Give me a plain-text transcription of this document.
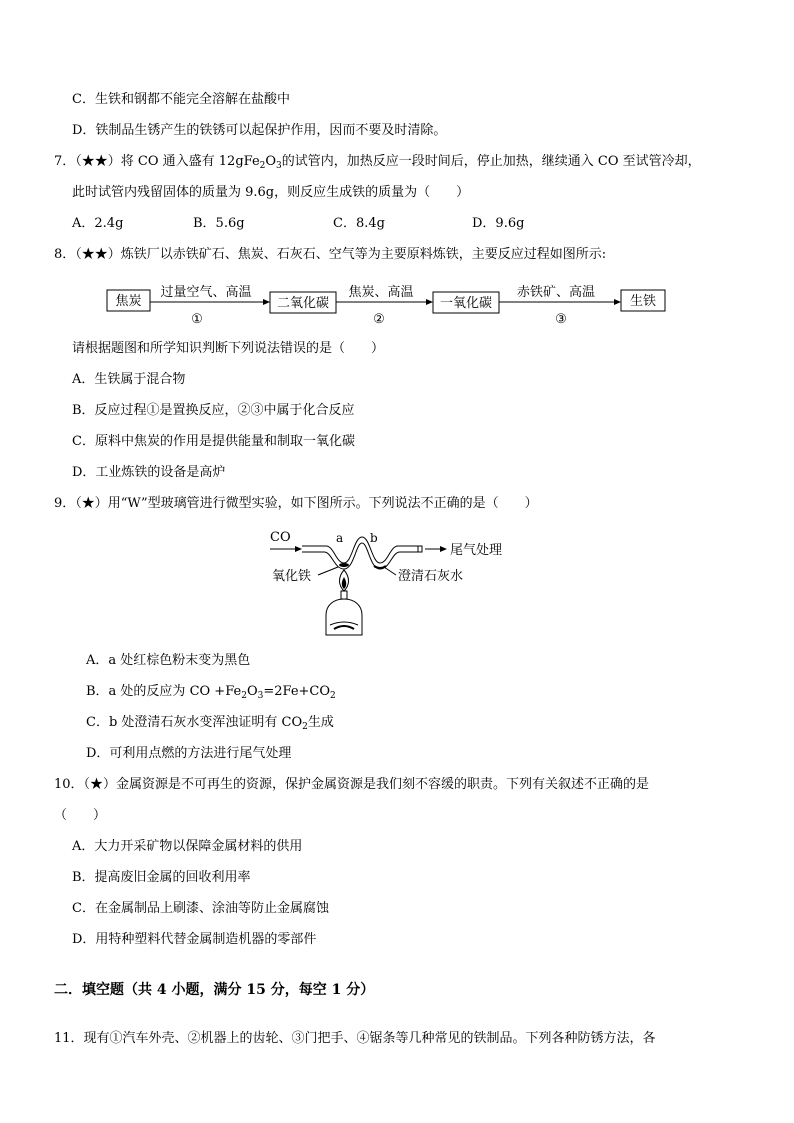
C．生铁和钢都不能完全溶解在盐酸中
D．铁制品生锈产生的铁锈可以起保护作用，因而不要及时清除。
7．（★★）将 CO 通入盛有 $12gFe_2O_3$的试管内，加热反应一段时间后，停止加热，继续通入 CO 至试管冷却，
此时试管内残留固体的质量为 9.6g，则反应生成铁的质量为（　　）
A．2.4g	B．5.6g	C．8.4g	D．9.6g
8．（★★）炼铁厂以赤铁矿石、焦炭、石灰石、空气等为主要原料炼铁，主要反应过程如图所示:
焦炭	二氧化碳	一氧化碳	生铁
过量空气、高温
①
焦炭、高温
②
赤铁矿、高温
③
请根据题图和所学知识判断下列说法错误的是（　　）
A．生铁属于混合物
B．反应过程①是置换反应，②③中属于化合反应
C．原料中焦炭的作用是提供能量和制取一氧化碳
D．工业炼铁的设备是高炉
9．（★）用“W”型玻璃管进行微型实验，如下图所示。下列说法不正确的是（　　）
CO	a b
尾气处理
氧化铁	澄清石灰水
A．a 处红棕色粉末变为黑色
B．a 处的反应为 CO $+Fe_2O_3=2Fe+CO_2$
C．b 处澄清石灰水变浑浊证明有 $CO_2$生成
D．可利用点燃的方法进行尾气处理
10．（★）金属资源是不可再生的资源，保护金属资源是我们刻不容缓的职责。下列有关叙述不正确的是
（　　）
A．大力开采矿物以保障金属材料的供用
B．提高废旧金属的回收利用率
C．在金属制品上刷漆、涂油等防止金属腐蚀
D．用特种塑料代替金属制造机器的零部件
二．填空题（共 4 小题，满分 15 分，每空 1 分）
11．现有①汽车外壳、②机器上的齿轮、③门把手、④锯条等几种常见的铁制品。下列各种防锈方法，各
